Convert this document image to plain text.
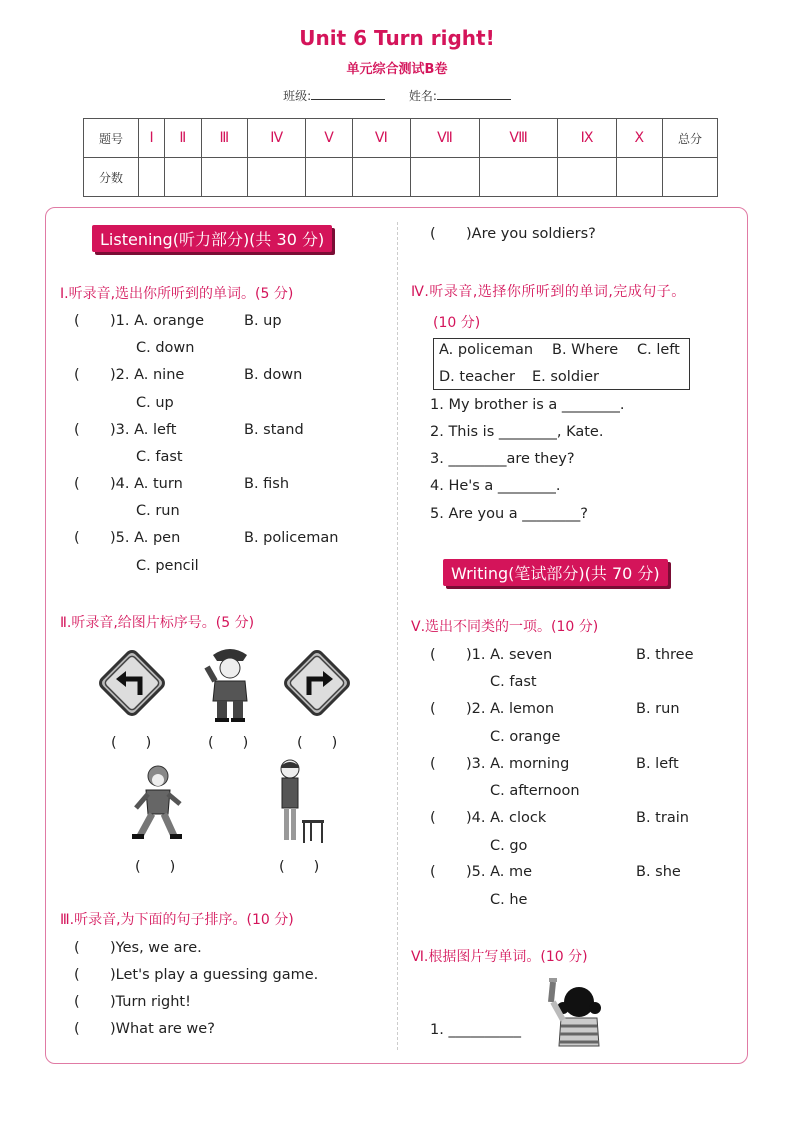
Unit 6 Turn right!
单元综合测试B卷
班级:	姓名:
题号	Ⅰ	Ⅱ	Ⅲ	Ⅳ	Ⅴ	Ⅵ	Ⅶ	Ⅷ	Ⅸ	Ⅹ	总分
分数											
Listening(听力部分)(共 30 分)
Ⅰ.听录音,选出你所听到的单词。(5 分)
( )1. A. orange	B. up
C. down
( )2. A. nine	B. down
C. up
( )3. A. left	B. stand
C. fast
( )4. A. turn	B. fish
C. run
( )5. A. pen	B. policeman
C. pencil
Ⅱ.听录音,给图片标序号。(5 分)
(　　)	(　　)	(　　)
(　　)	(　　)
Ⅲ.听录音,为下面的句子排序。(10 分)
( )Yes, we are.
( )Let's play a guessing game.
( )Turn right!
( )What are we?
( )Are you soldiers?
Ⅳ.听录音,选择你所听到的单词,完成句子。
(10 分)
A. policeman B. Where C. left
D. teacher E. soldier
1. My brother is a ________.
2. This is ________, Kate.
3. ________are they?
4. He's a ________.
5. Are you a ________?
Writing(笔试部分)(共 70 分)
Ⅴ.选出不同类的一项。(10 分)
( )1. A. seven	B. three
C. fast
( )2. A. lemon	B. run
C. orange
( )3. A. morning	B. left
C. afternoon
( )4. A. clock	B. train
C. go
( )5. A. me	B. she
C. he
Ⅵ.根据图片写单词。(10 分)
1. __________
